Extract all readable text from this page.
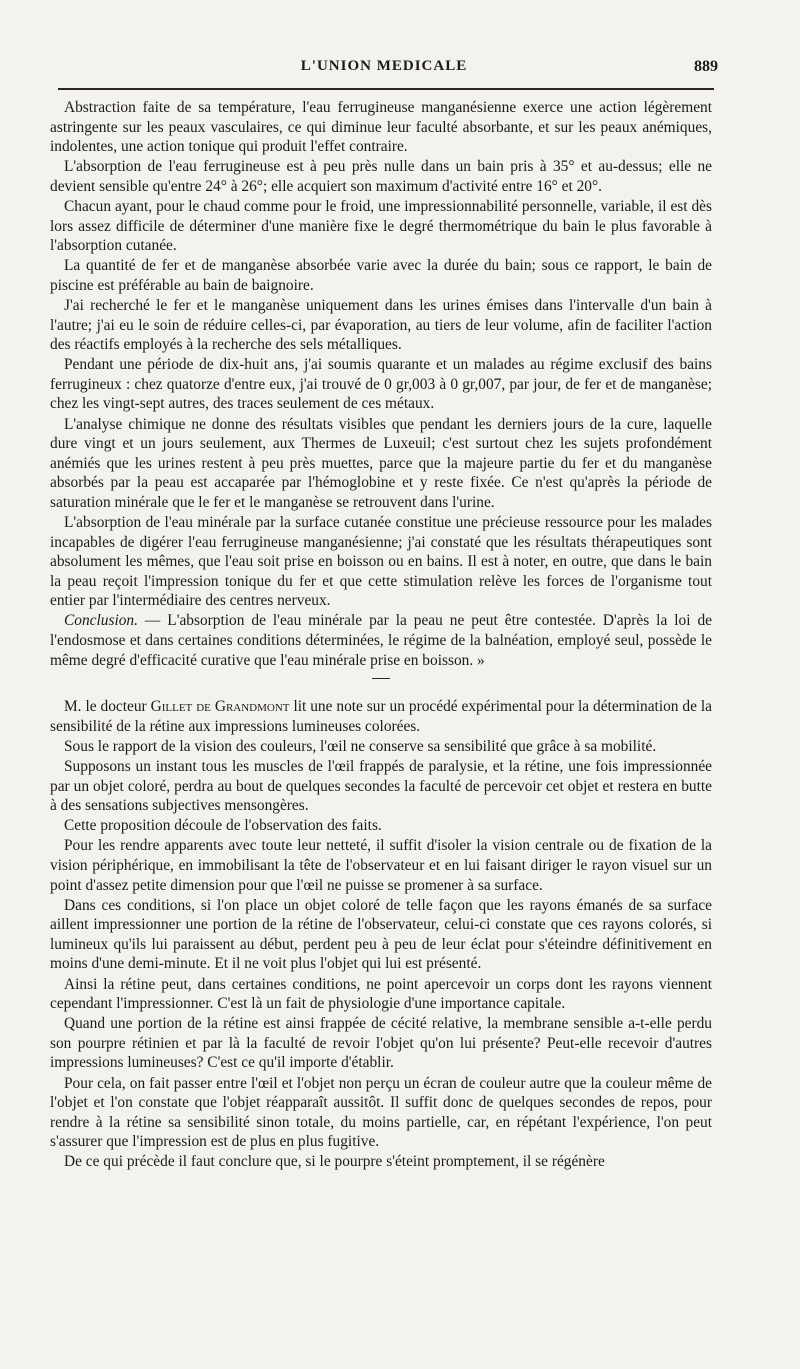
L'UNION MEDICALE	889

Abstraction faite de sa température, l'eau ferrugineuse manganésienne exerce une action légèrement astringente sur les peaux vasculaires, ce qui diminue leur faculté absorbante, et sur les peaux anémiques, indolentes, une action tonique qui produit l'effet contraire.

L'absorption de l'eau ferrugineuse est à peu près nulle dans un bain pris à 35° et au-dessus; elle ne devient sensible qu'entre 24° à 26°; elle acquiert son maximum d'activité entre 16° et 20°.

Chacun ayant, pour le chaud comme pour le froid, une impressionnabilité personnelle, variable, il est dès lors assez difficile de déterminer d'une manière fixe le degré thermométrique du bain le plus favorable à l'absorption cutanée.

La quantité de fer et de manganèse absorbée varie avec la durée du bain; sous ce rapport, le bain de piscine est préférable au bain de baignoire.

J'ai recherché le fer et le manganèse uniquement dans les urines émises dans l'intervalle d'un bain à l'autre; j'ai eu le soin de réduire celles-ci, par évaporation, au tiers de leur volume, afin de faciliter l'action des réactifs employés à la recherche des sels métalliques.

Pendant une période de dix-huit ans, j'ai soumis quarante et un malades au régime exclusif des bains ferrugineux : chez quatorze d'entre eux, j'ai trouvé de 0 gr,003 à 0 gr,007, par jour, de fer et de manganèse; chez les vingt-sept autres, des traces seulement de ces métaux.

L'analyse chimique ne donne des résultats visibles que pendant les derniers jours de la cure, laquelle dure vingt et un jours seulement, aux Thermes de Luxeuil; c'est surtout chez les sujets profondément anémiés que les urines restent à peu près muettes, parce que la majeure partie du fer et du manganèse absorbés par la peau est accaparée par l'hémoglobine et y reste fixée. Ce n'est qu'après la période de saturation minérale que le fer et le manganèse se retrouvent dans l'urine.

L'absorption de l'eau minérale par la surface cutanée constitue une précieuse ressource pour les malades incapables de digérer l'eau ferrugineuse manganésienne; j'ai constaté que les résultats thérapeutiques sont absolument les mêmes, que l'eau soit prise en boisson ou en bains. Il est à noter, en outre, que dans le bain la peau reçoit l'impression tonique du fer et que cette stimulation relève les forces de l'organisme tout entier par l'intermédiaire des centres nerveux.

Conclusion. — L'absorption de l'eau minérale par la peau ne peut être contestée. D'après la loi de l'endosmose et dans certaines conditions déterminées, le régime de la balnéation, employé seul, possède le même degré d'efficacité curative que l'eau minérale prise en boisson. »

M. le docteur Gillet de Grandmont lit une note sur un procédé expérimental pour la détermination de la sensibilité de la rétine aux impressions lumineuses colorées.

Sous le rapport de la vision des couleurs, l'œil ne conserve sa sensibilité que grâce à sa mobilité.

Supposons un instant tous les muscles de l'œil frappés de paralysie, et la rétine, une fois impressionnée par un objet coloré, perdra au bout de quelques secondes la faculté de percevoir cet objet et restera en butte à des sensations subjectives mensongères.

Cette proposition découle de l'observation des faits.

Pour les rendre apparents avec toute leur netteté, il suffit d'isoler la vision centrale ou de fixation de la vision périphérique, en immobilisant la tête de l'observateur et en lui faisant diriger le rayon visuel sur un point d'assez petite dimension pour que l'œil ne puisse se promener à sa surface.

Dans ces conditions, si l'on place un objet coloré de telle façon que les rayons émanés de sa surface aillent impressionner une portion de la rétine de l'observateur, celui-ci constate que ces rayons colorés, si lumineux qu'ils lui paraissent au début, perdent peu à peu de leur éclat pour s'éteindre définitivement en moins d'une demi-minute. Et il ne voit plus l'objet qui lui est présenté.

Ainsi la rétine peut, dans certaines conditions, ne point apercevoir un corps dont les rayons viennent cependant l'impressionner. C'est là un fait de physiologie d'une importance capitale.

Quand une portion de la rétine est ainsi frappée de cécité relative, la membrane sensible a-t-elle perdu son pourpre rétinien et par là la faculté de revoir l'objet qu'on lui présente? Peut-elle recevoir d'autres impressions lumineuses? C'est ce qu'il importe d'établir.

Pour cela, on fait passer entre l'œil et l'objet non perçu un écran de couleur autre que la couleur même de l'objet et l'on constate que l'objet réapparaît aussitôt. Il suffit donc de quelques secondes de repos, pour rendre à la rétine sa sensibilité sinon totale, du moins partielle, car, en répétant l'expérience, l'on peut s'assurer que l'impression est de plus en plus fugitive.

De ce qui précède il faut conclure que, si le pourpre s'éteint promptement, il se régénère
